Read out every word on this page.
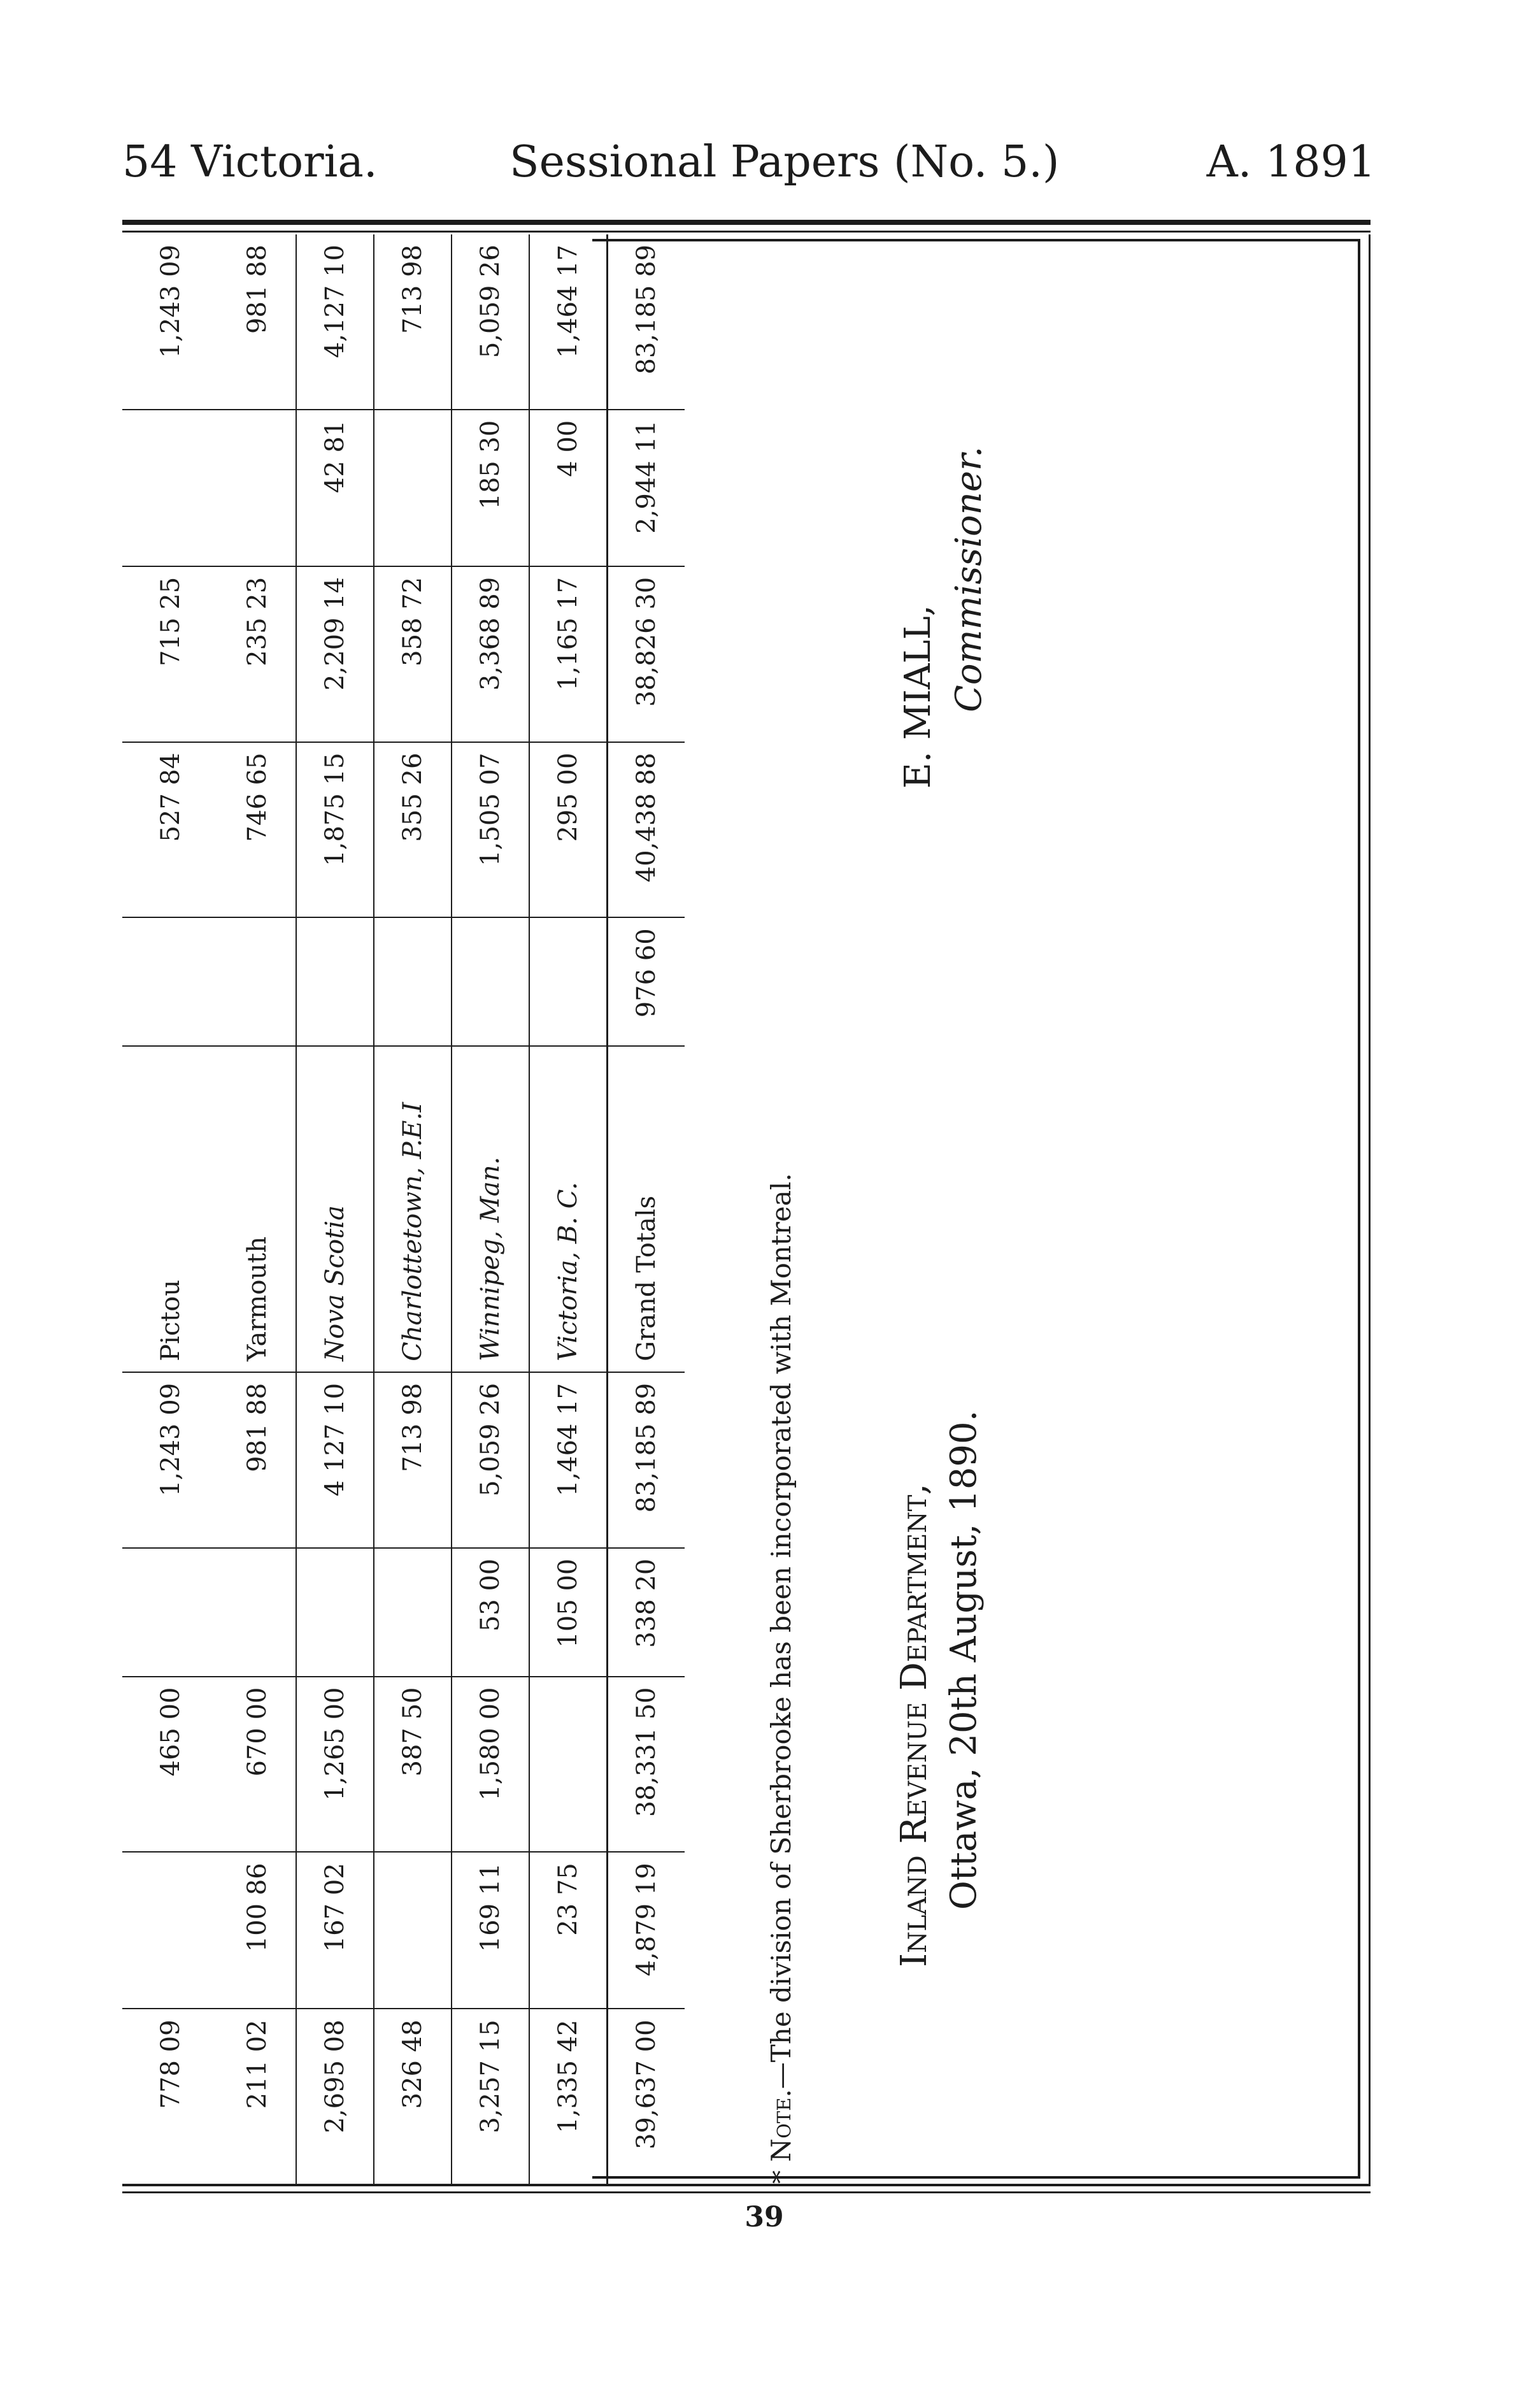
54 Victoria.	Sessional Papers (No. 5.)	A. 1891
778 09		465 00		1,243 09	Pictou		527 84	715 25		1,243 09
211 02	100 86	670 00		981 88	Yarmouth		746 65	235 23		981 88
2,695 08	167 02	1,265 00		4 127 10	Nova Scotia		1,875 15	2,209 14	42 81	4,127 10
326 48		387 50		713 98	Charlottetown, P.E.I		355 26	358 72		713 98
3,257 15	169 11	1,580 00	53 00	5,059 26	Winnipeg, Man.		1,505 07	3,368 89	185 30	5,059 26
1,335 42	23 75		105 00	1,464 17	Victoria, B. C.		295 00	1,165 17	4 00	1,464 17
39,637 00	4,879 19	38,331 50	338 20	83,185 89	Grand Totals	976 60	40,438 88	38,826 30	2,944 11	83,185 89
* Note.—The division of Sherbrooke has been incorporated with Montreal.	Inland Revenue Department, Ottawa, 20th August, 1890.
E. MIALL, Commissioner.
39
